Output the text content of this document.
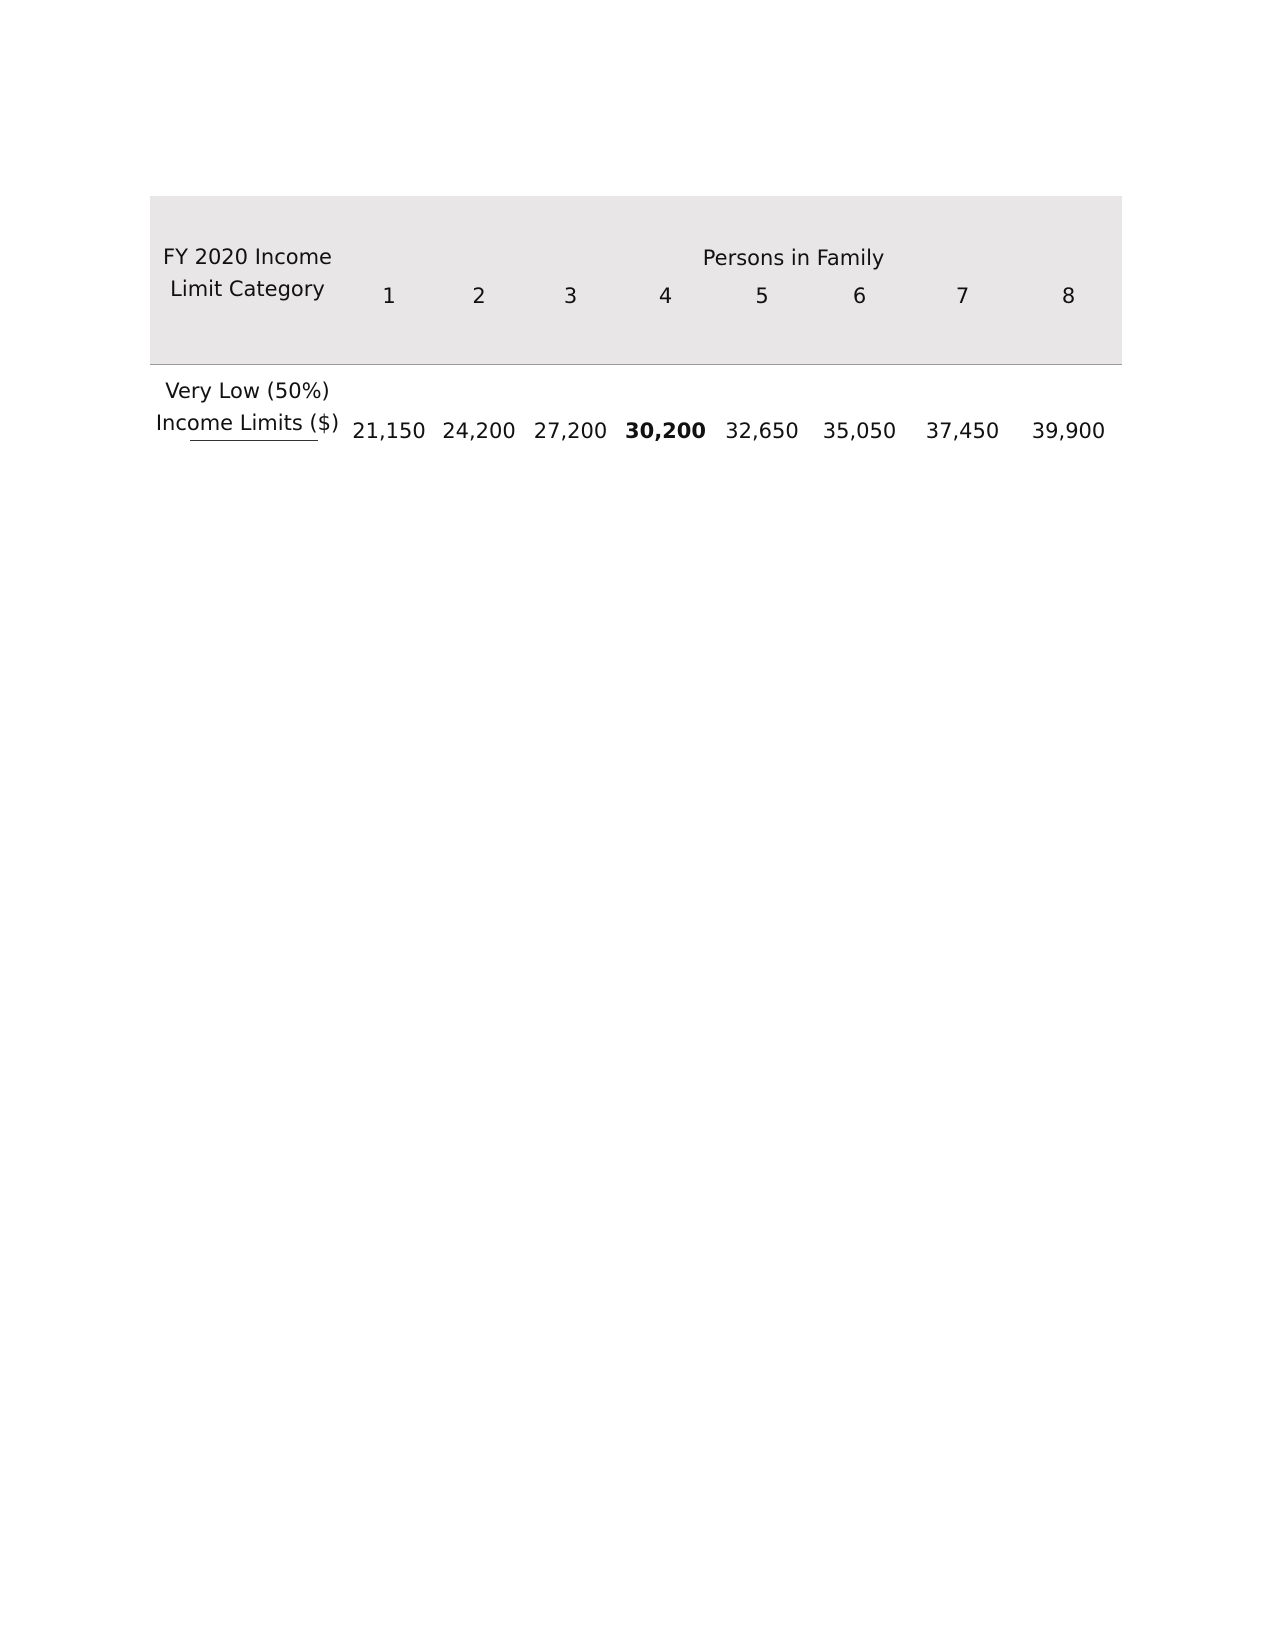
FY 2020 Income
Limit Category	Persons in Family							
	1	2	3	4	5	6	7	8
Very Low (50%)
Income Limits ($)	21,150	24,200	27,200	30,200	32,650	35,050	37,450	39,900
